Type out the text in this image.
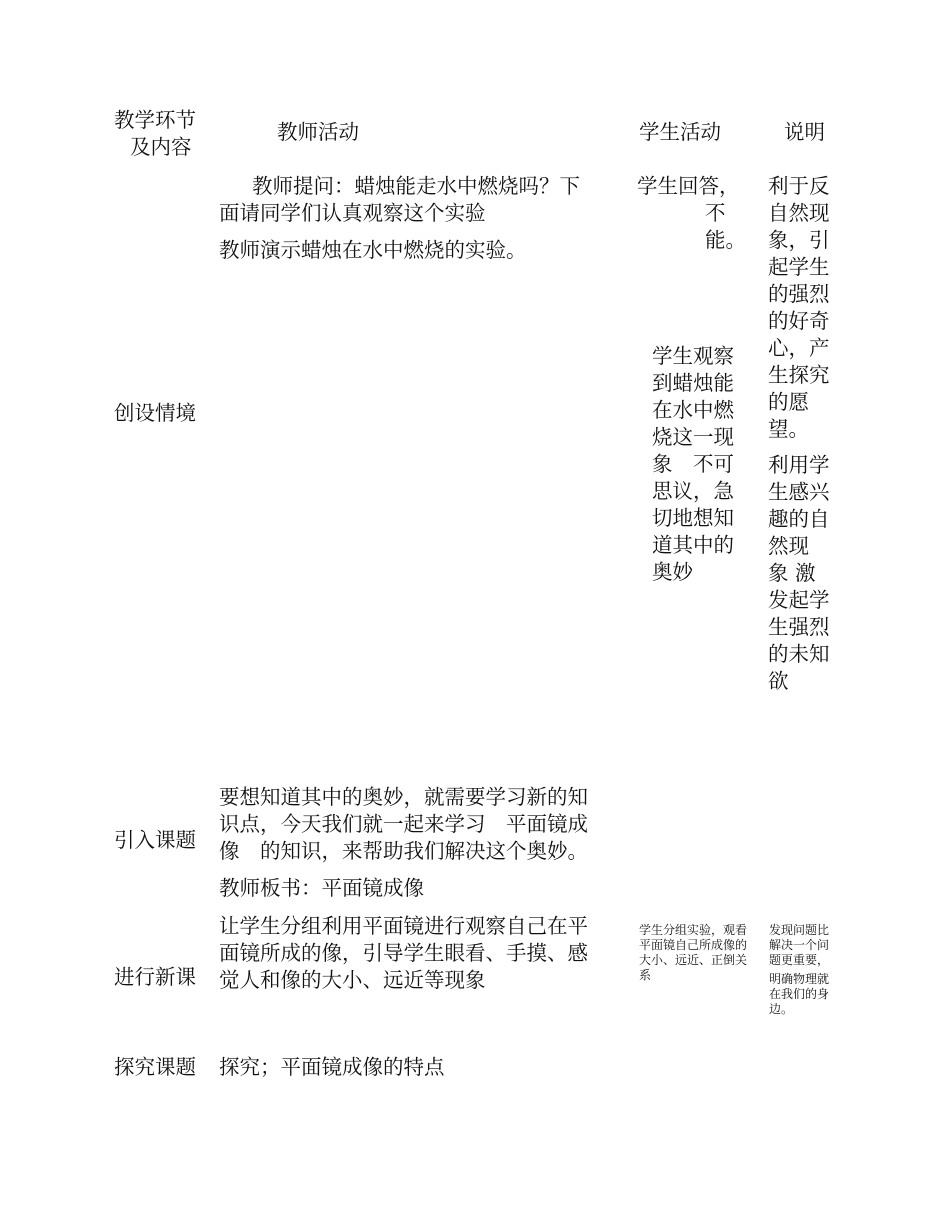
教学环节
及内容
教师活动	学生活动	说明
创设情境
教师提问：蜡烛能走水中燃烧吗？下
面请同学们认真观察这个实验
教师演示蜡烛在水中燃烧的实验。
学生回答，
不
能。
学生观察
到蜡烛能
在水中燃
烧这一现
象　不可
思议，急
切地想知
道其中的
奥妙
利于反
自然现
象，引
起学生
的强烈
的好奇
心，产
生探究
的愿
望。
利用学
生感兴
趣的自
然现
象 激
发起学
生强烈
的未知
欲
引入课题
要想知道其中的奥妙，就需要学习新的知
识点，今天我们就一起来学习　平面镜成
像　的知识，来帮助我们解决这个奥妙。
教师板书：平面镜成像
进行新课
让学生分组利用平面镜进行观察自己在平
面镜所成的像，引导学生眼看、手摸、感
觉人和像的大小、远近等现象
学生分组实验，观看
平面镜自己所成像的
大小、远近、正倒关
系
发现问题比
解决一个问
题更重要，
明确物理就
在我们的身
边。
探究课题 探究；平面镜成像的特点
